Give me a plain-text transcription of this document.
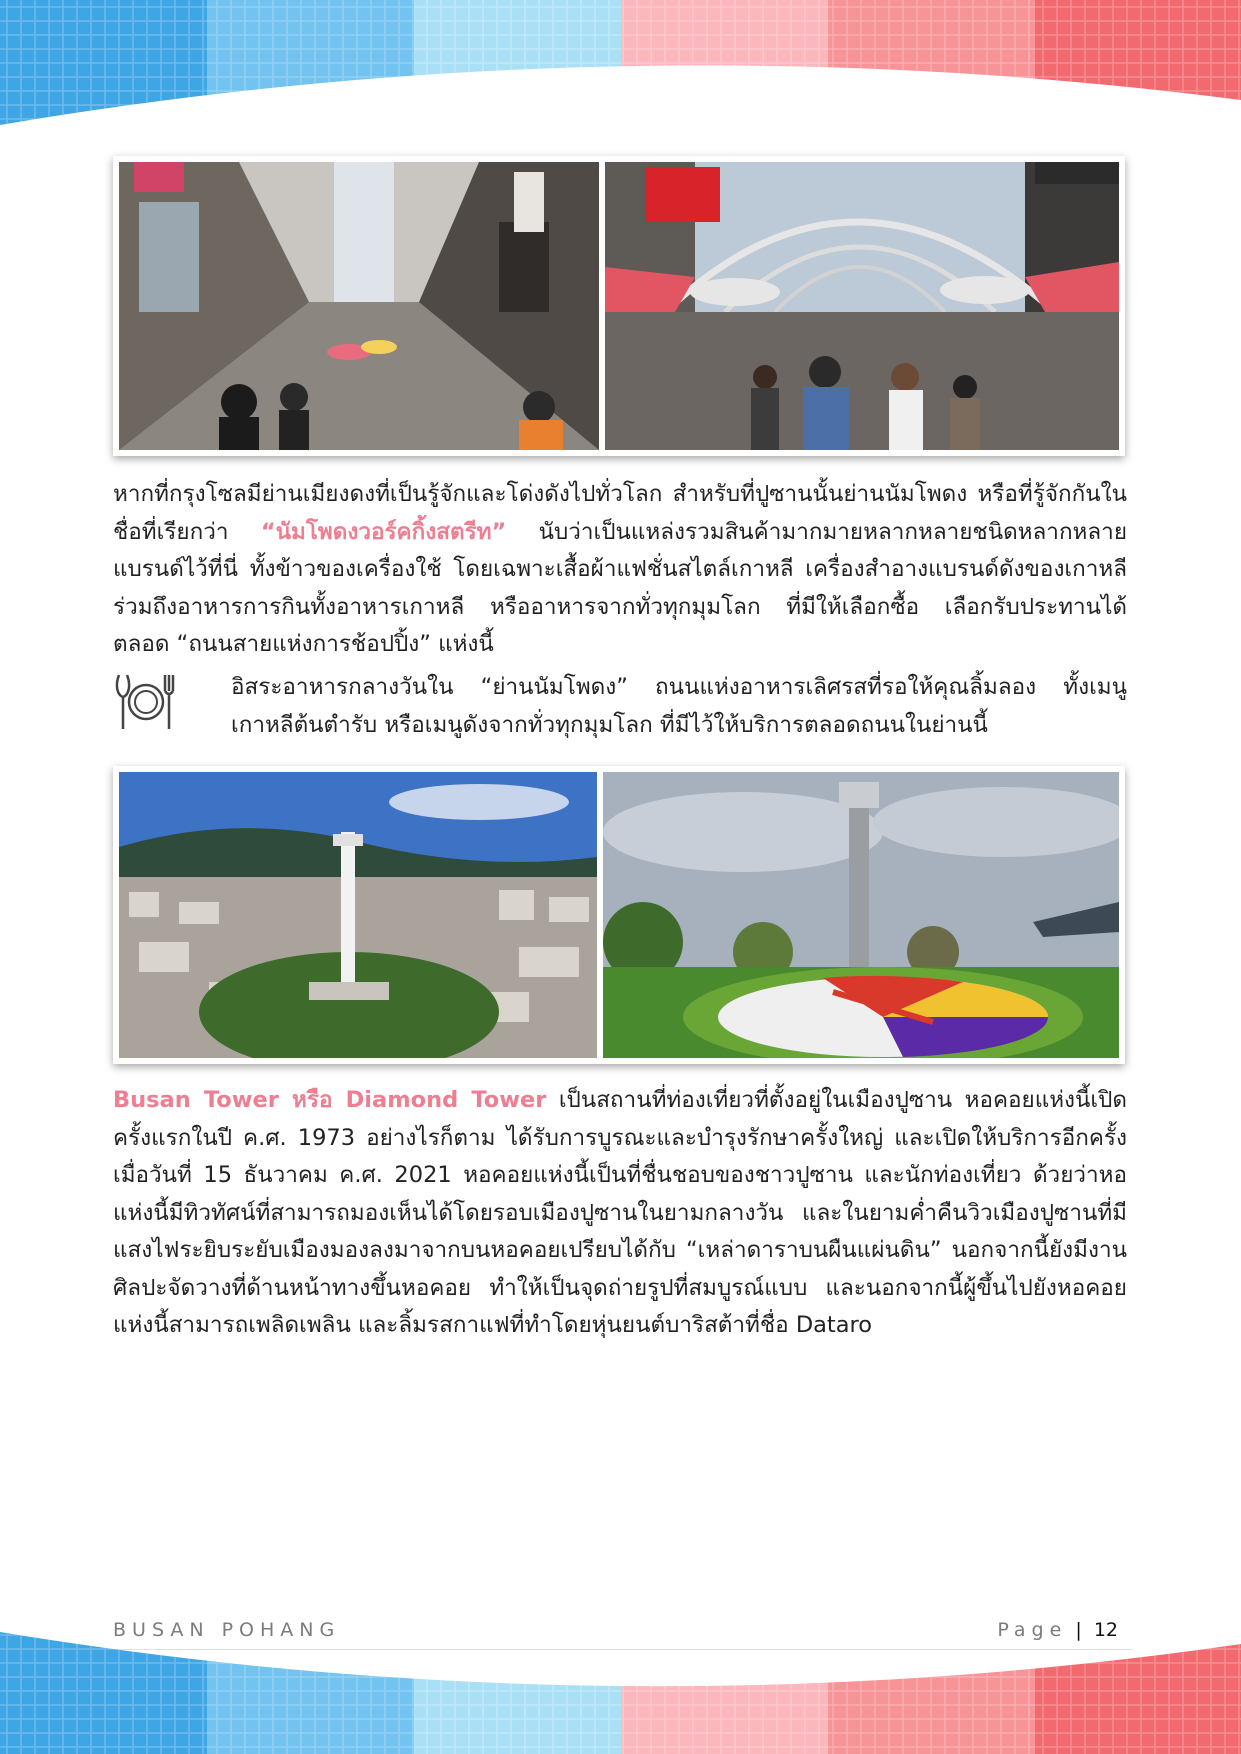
หากที่กรุงโซลมีย่านเมียงดงที่เป็นรู้จักและโด่งดังไปทั่วโลก สำหรับที่ปูซานนั้นย่านนัมโพดง หรือที่รู้จักกันในชื่อที่เรียกว่า “นัมโพดงวอร์คกิ้งสตรีท” นับว่าเป็นแหล่งรวมสินค้ามากมายหลากหลายชนิดหลากหลายแบรนด์ไว้ที่นี่ ทั้งข้าวของเครื่องใช้ โดยเฉพาะเสื้อผ้าแฟชั่นสไตล์เกาหลี เครื่องสำอางแบรนด์ดังของเกาหลี ร่วมถึงอาหารการกินทั้งอาหารเกาหลี หรืออาหารจากทั่วทุกมุมโลก ที่มีให้เลือกซื้อ เลือกรับประทานได้ตลอด “ถนนสายแห่งการช้อปปิ้ง” แห่งนี้

อิสระอาหารกลางวันใน “ย่านนัมโพดง” ถนนแห่งอาหารเลิศรสที่รอให้คุณลิ้มลอง ทั้งเมนูเกาหลีต้นตำรับ หรือเมนูดังจากทั่วทุกมุมโลก ที่มีไว้ให้บริการตลอดถนนในย่านนี้

Busan Tower หรือ Diamond Tower เป็นสถานที่ท่องเที่ยวที่ตั้งอยู่ในเมืองปูซาน หอคอยแห่งนี้เปิดครั้งแรกในปี ค.ศ. 1973 อย่างไรก็ตาม ได้รับการบูรณะและบำรุงรักษาครั้งใหญ่ และเปิดให้บริการอีกครั้งเมื่อวันที่ 15 ธันวาคม ค.ศ. 2021 หอคอยแห่งนี้เป็นที่ชื่นชอบของชาวปูซาน และนักท่องเที่ยว ด้วยว่าหอแห่งนี้มีทิวทัศน์ที่สามารถมองเห็นได้โดยรอบเมืองปูซานในยามกลางวัน และในยามค่ำคืนวิวเมืองปูซานที่มีแสงไฟระยิบระยับเมืองมองลงมาจากบนหอคอยเปรียบได้กับ “เหล่าดาราบนผืนแผ่นดิน” นอกจากนี้ยังมีงานศิลปะจัดวางที่ด้านหน้าทางขึ้นหอคอย ทำให้เป็นจุดถ่ายรูปที่สมบูรณ์แบบ และนอกจากนี้ผู้ขึ้นไปยังหอคอยแห่งนี้สามารถเพลิดเพลิน และลิ้มรสกาแฟที่ทำโดยหุ่นยนต์บาริสต้าที่ชื่อ Dataro

BUSAN POHANG	Page | 12
